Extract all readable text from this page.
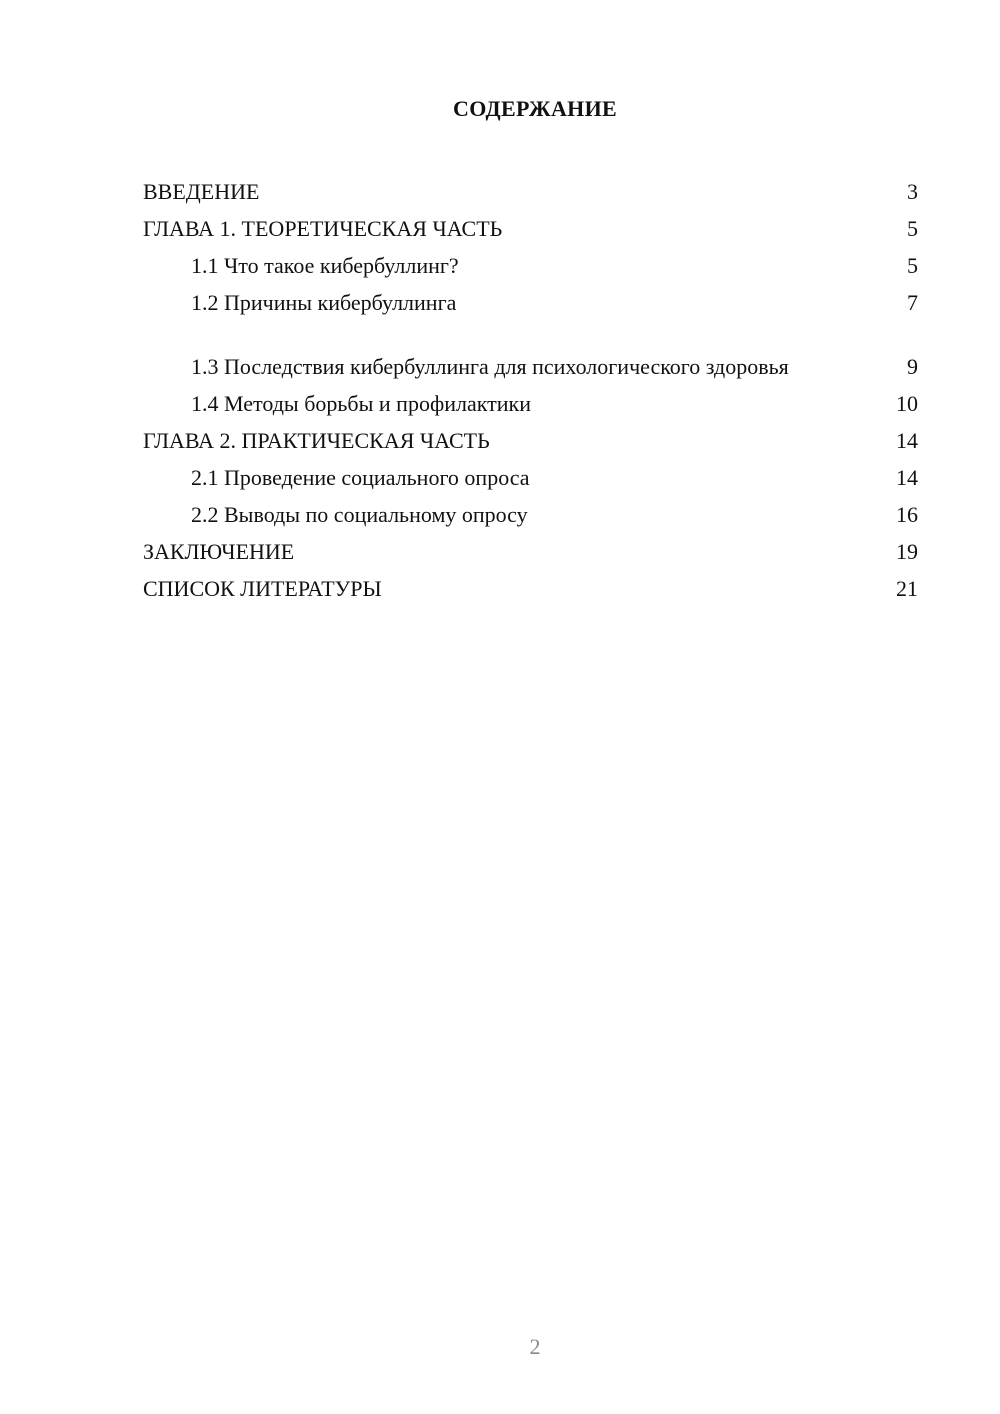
СОДЕРЖАНИЕ
ВВЕДЕНИЕ	3
ГЛАВА 1. ТЕОРЕТИЧЕСКАЯ ЧАСТЬ	5
1.1 Что такое кибербуллинг?	5
1.2 Причины кибербуллинга	7
1.3 Последствия кибербуллинга для психологического здоровья	9
1.4 Методы борьбы и профилактики	10
ГЛАВА 2. ПРАКТИЧЕСКАЯ ЧАСТЬ	14
2.1 Проведение социального опроса	14
2.2 Выводы по социальному опросу	16
ЗАКЛЮЧЕНИЕ	19
СПИСОК ЛИТЕРАТУРЫ	21
2
